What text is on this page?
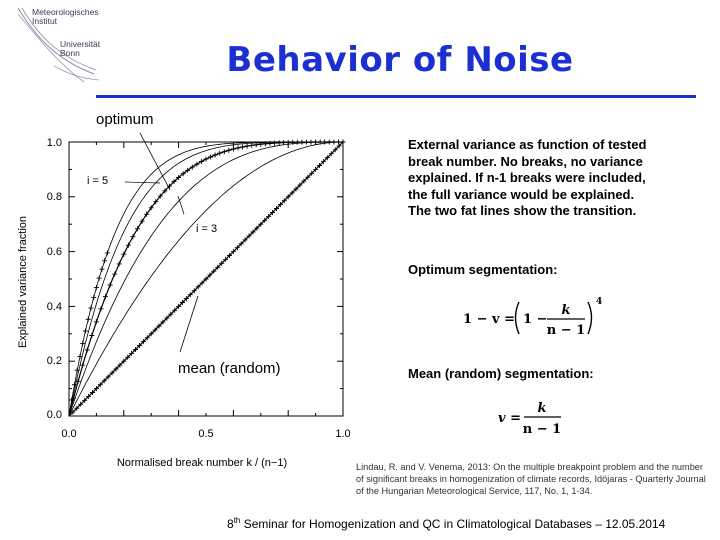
Meteorologisches
Institut
Universität
Bonn	Behavior of Noise
optimum
mean (random)
Explained variance fraction
Normalised break number k / (n−1)
i = 5
i = 3
0.0
0.2
0.4
0.6
0.8
1.0
0.0	0.5	1.0
External variance as function of tested break number. No breaks, no variance explained. If n-1 breaks were included, the full variance would be explained. The two fat lines show the transition.
Optimum segmentation:
1 − v = 1 −
k
n − 1
4
Mean (random) segmentation:
v =
k
n − 1
Lindau, R. and V. Venema, 2013: On the multiple breakpoint problem and the number of significant breaks in homogenization of climate records, Idöjaras - Quarterly Journal of the Hungarian Meteorological Service, 117, No. 1, 1-34.
8th Seminar for Homogenization and QC in Climatological Databases – 12.05.2014
